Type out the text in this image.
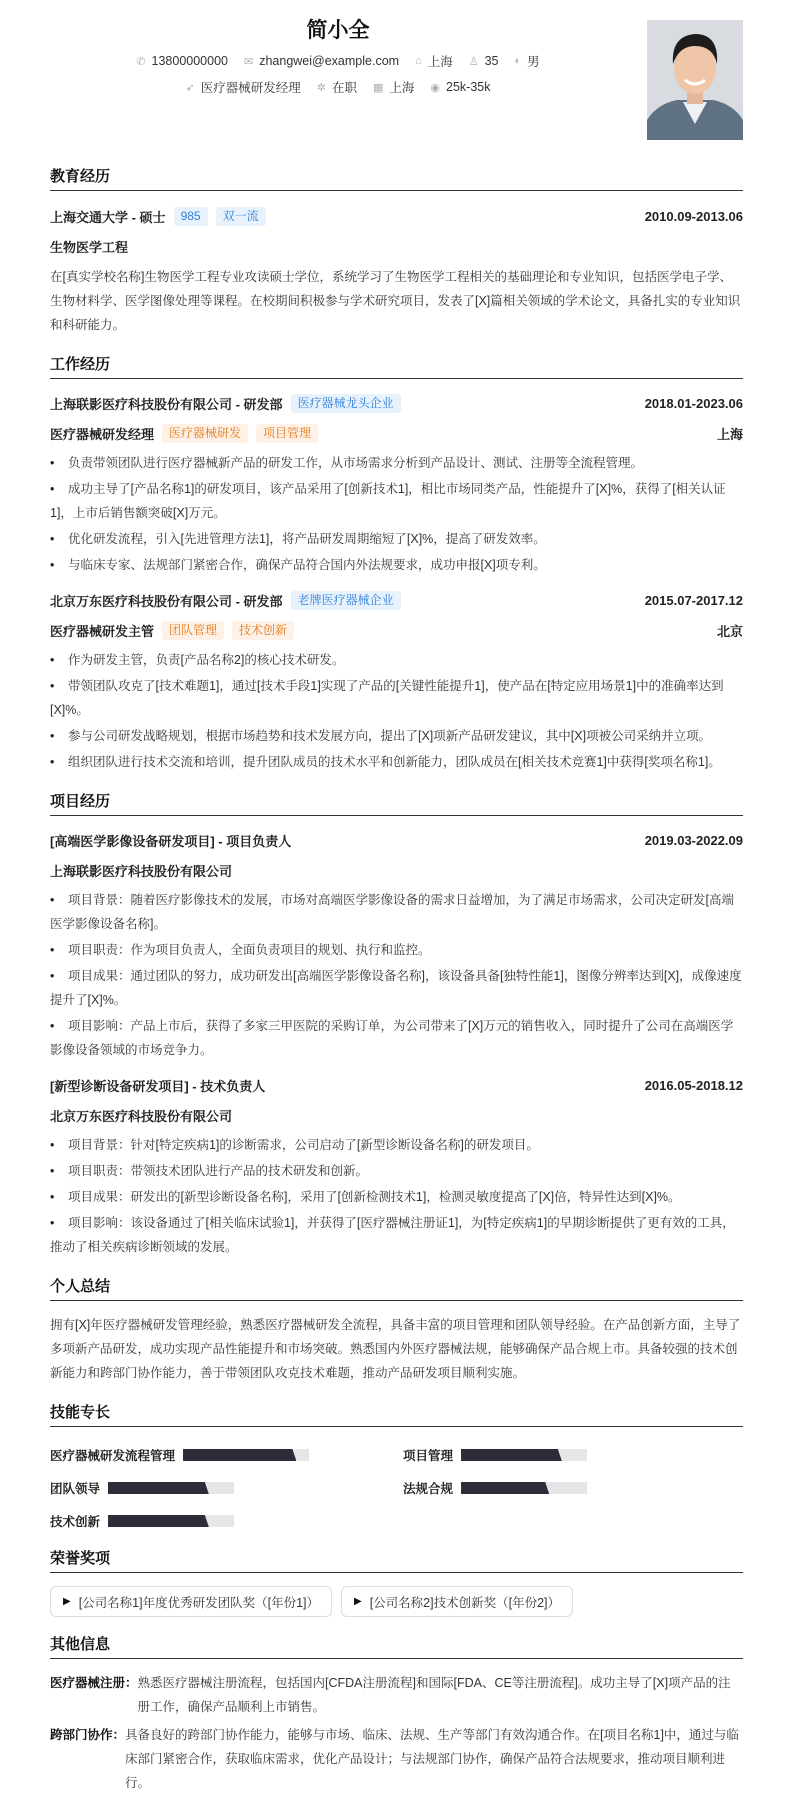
简小全
✆ 13800000000 ✉ zhangwei@example.com ⌂ 上海 ♙ 35 ◐ 男
➶ 医疗器械研发经理 ✲ 在职 ▦ 上海 ◉ 25k-35k
教育经历
上海交通大学 - 硕士	985	双一流	2010.09-2013.06
生物医学工程
在[真实学校名称]生物医学工程专业攻读硕士学位，系统学习了生物医学工程相关的基础理论和专业知识，包括医学电子学、生物材料学、医学图像处理等课程。在校期间积极参与学术研究项目，发表了[X]篇相关领域的学术论文，具备扎实的专业知识和科研能力。
工作经历
上海联影医疗科技股份有限公司 - 研发部	医疗器械龙头企业	2018.01-2023.06
医疗器械研发经理	医疗器械研发	项目管理	上海
• 负责带领团队进行医疗器械新产品的研发工作，从市场需求分析到产品设计、测试、注册等全流程管理。
• 成功主导了[产品名称1]的研发项目，该产品采用了[创新技术1]，相比市场同类产品，性能提升了[X]%，获得了[相关认证1]，上市后销售额突破[X]万元。
• 优化研发流程，引入[先进管理方法1]，将产品研发周期缩短了[X]%，提高了研发效率。
• 与临床专家、法规部门紧密合作，确保产品符合国内外法规要求，成功申报[X]项专利。
北京万东医疗科技股份有限公司 - 研发部	老牌医疗器械企业	2015.07-2017.12
医疗器械研发主管	团队管理	技术创新	北京
• 作为研发主管，负责[产品名称2]的核心技术研发。
• 带领团队攻克了[技术难题1]，通过[技术手段1]实现了产品的[关键性能提升1]，使产品在[特定应用场景1]中的准确率达到[X]%。
• 参与公司研发战略规划，根据市场趋势和技术发展方向，提出了[X]项新产品研发建议，其中[X]项被公司采纳并立项。
• 组织团队进行技术交流和培训，提升团队成员的技术水平和创新能力，团队成员在[相关技术竞赛1]中获得[奖项名称1]。
项目经历
[高端医学影像设备研发项目] - 项目负责人	2019.03-2022.09
上海联影医疗科技股份有限公司
• 项目背景：随着医疗影像技术的发展，市场对高端医学影像设备的需求日益增加，为了满足市场需求，公司决定研发[高端医学影像设备名称]。
• 项目职责：作为项目负责人，全面负责项目的规划、执行和监控。
• 项目成果：通过团队的努力，成功研发出[高端医学影像设备名称]，该设备具备[独特性能1]，图像分辨率达到[X]，成像速度提升了[X]%。
• 项目影响：产品上市后，获得了多家三甲医院的采购订单，为公司带来了[X]万元的销售收入，同时提升了公司在高端医学影像设备领域的市场竞争力。
[新型诊断设备研发项目] - 技术负责人	2016.05-2018.12
北京万东医疗科技股份有限公司
• 项目背景：针对[特定疾病1]的诊断需求，公司启动了[新型诊断设备名称]的研发项目。
• 项目职责：带领技术团队进行产品的技术研发和创新。
• 项目成果：研发出的[新型诊断设备名称]，采用了[创新检测技术1]，检测灵敏度提高了[X]倍，特异性达到[X]%。
• 项目影响：该设备通过了[相关临床试验1]，并获得了[医疗器械注册证1]，为[特定疾病1]的早期诊断提供了更有效的工具，推动了相关疾病诊断领域的发展。
个人总结
拥有[X]年医疗器械研发管理经验，熟悉医疗器械研发全流程，具备丰富的项目管理和团队领导经验。在产品创新方面，主导了多项新产品研发，成功实现产品性能提升和市场突破。熟悉国内外医疗器械法规，能够确保产品合规上市。具备较强的技术创新能力和跨部门协作能力，善于带领团队攻克技术难题，推动产品研发项目顺利实施。
技能专长
医疗器械研发流程管理	项目管理
团队领导	法规合规
技术创新
荣誉奖项
▶ [公司名称1]年度优秀研发团队奖（[年份1]）	▶ [公司名称2]技术创新奖（[年份2]）
其他信息
医疗器械注册： 熟悉医疗器械注册流程，包括国内[CFDA注册流程]和国际[FDA、CE等注册流程]。成功主导了[X]项产品的注册工作，确保产品顺利上市销售。
跨部门协作： 具备良好的跨部门协作能力，能够与市场、临床、法规、生产等部门有效沟通合作。在[项目名称1]中，通过与临床部门紧密合作，获取临床需求，优化产品设计；与法规部门协作，确保产品符合法规要求，推动项目顺利进行。
